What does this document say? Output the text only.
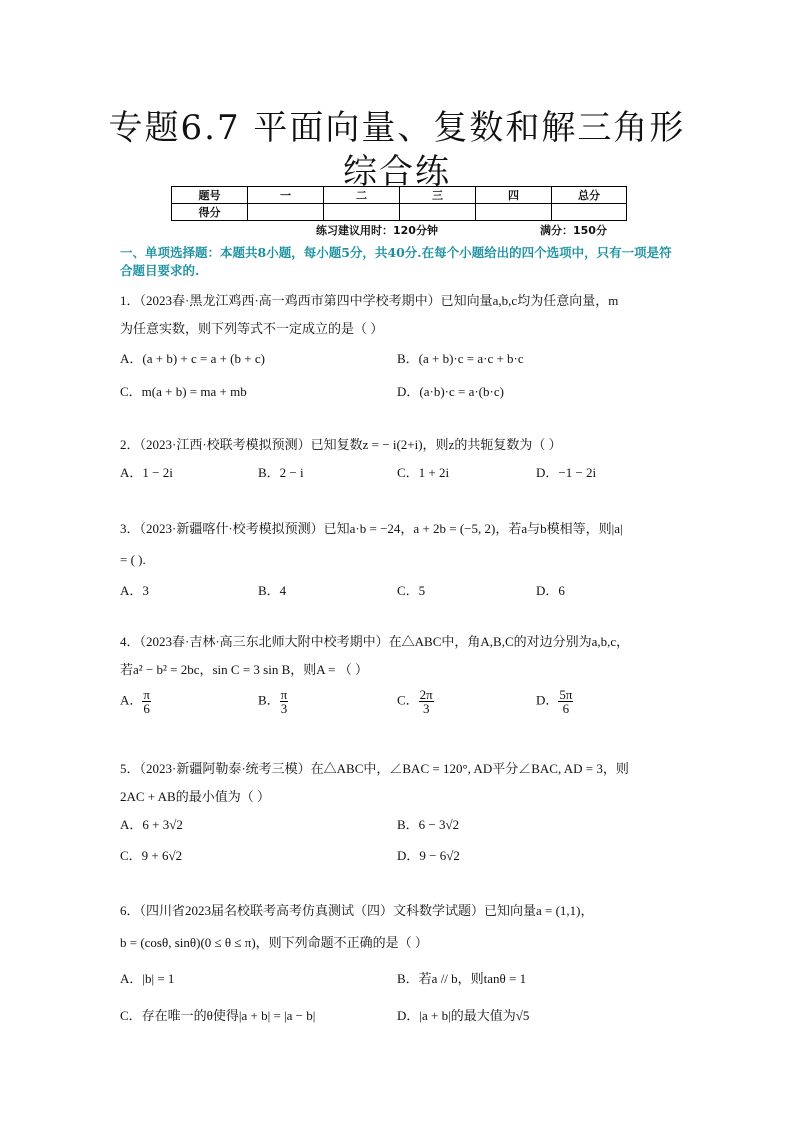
专题6.7 平面向量、复数和解三角形
综合练
题号	一	二	三	四	总分
得分					
练习建议用时：120分钟	满分：150分
一、单项选择题：本题共8小题，每小题5分，共40分.在每个小题给出的四个选项中，只有一项是符合题目要求的.
1．（2023春·黑龙江鸡西·高一鸡西市第四中学校考期中）已知向量a,b,c均为任意向量，m
为任意实数，则下列等式不一定成立的是（ ）
A．(a + b) + c = a + (b + c)	B．(a + b)·c = a·c + b·c
C．m(a + b) = ma + mb	D．(a·b)·c = a·(b·c)
2．（2023·江西·校联考模拟预测）已知复数z = − i(2+i)，则z的共轭复数为（ ）
A．1 − 2i	B．2 − i	C．1 + 2i	D．−1 − 2i
3．（2023·新疆喀什·校考模拟预测）已知a·b = −24，a + 2b = (−5, 2)，若a与b模相等，则|a|
= ( ).
A．3	B．4	C．5	D．6
4．（2023春·吉林·高三东北师大附中校考期中）在△ABC中，角A,B,C的对边分别为a,b,c，
若a² − b² = 2bc，sin C = 3 sin B，则A = （ ）
A． $\frac{\pi}{6}$	B． $\frac{\pi}{3}$	C． $\frac{2\pi}{3}$	D． $\frac{5\pi}{6}$
5．（2023·新疆阿勒泰·统考三模）在△ABC中，∠BAC = 120°, AD平分∠BAC, AD = 3，则
2AC + AB的最小值为（ ）
A．6 + 3√2	B．6 − 3√2
C．9 + 6√2	D．9 − 6√2
6．（四川省2023届名校联考高考仿真测试（四）文科数学试题）已知向量a = (1,1)，
b = (cosθ, sinθ)(0 ≤ θ ≤ π)，则下列命题不正确的是（ ）
A．|b| = 1	B．若a // b，则tanθ = 1
C．存在唯一的θ使得|a + b| = |a − b|	D．|a + b|的最大值为√5
